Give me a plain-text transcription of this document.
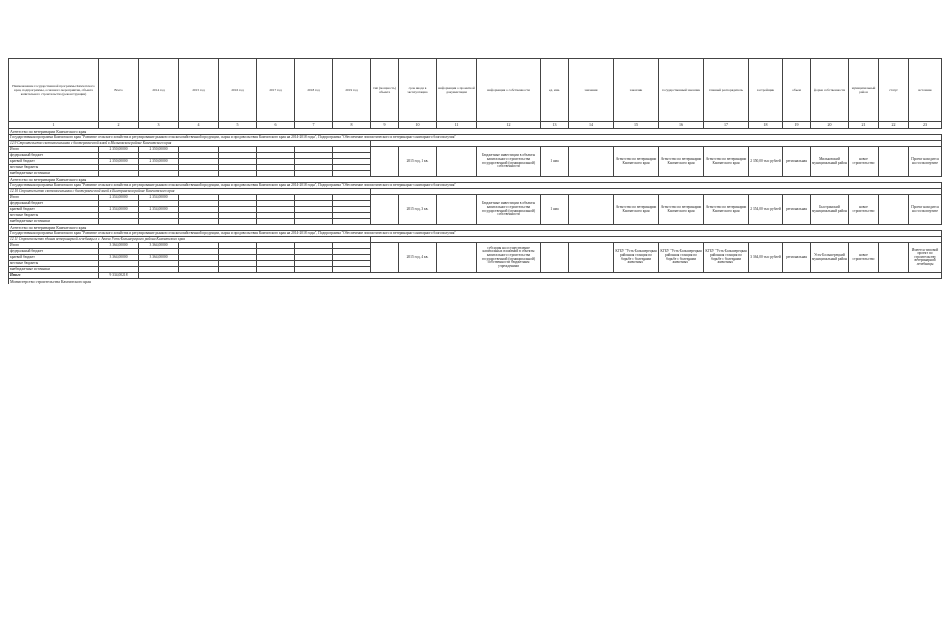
Наименование государственной программы Камчатского края, подпрограммы, основного мероприятия, объекта капитального строительства (реконструкции)	Всего	2014 год	2015 год	2016 год	2017 год	2018 год	2019 год	тип (мощность) объекта	срок ввода в эксплуатацию	информация о проектной документации	информация о собственности	ед. изм.	значения	заказчик	государственный заказчик	главный распорядитель	застройщик	объем	форма собственности	муниципальный район	статус	источник
1	2	3	4	5	6	7	8	9	10	11	12	13	14	15	16	17	18	19	20	21	22	23
Агентство по ветеринарии Камчатского края																						
Государственная программа Камчатского края "Развитие сельского хозяйства и регулирование рынков сельскохозяйственной продукции, сырья и продовольствия Камчатского края на 2014-2018 годы", Подпрограмма "Обеспечение эпизоотического и ветеринарно-санитарного благополучия"																						
12.9 Строительство скотомогильника с биотермической ямой в Мильковском районе Камчатского края																						
Итого	2 350,00000	2 350,00000							2015 год, 1 кв.		Бюджетные инвестиции в объекты капитального строительства государственной (муниципальной) собственности	1 яма		Агентство по ветеринарии Камчатского края	Агентство по ветеринарии Камчатского края	Агентство по ветеринарии Камчатского края	2 350,00 тыс рублей	региональная	Мильковский муниципальный район	новое строительство		Проект находится на госэкспертизе
федеральный бюджет																						
краевой бюджет	2 350,00000	2 350,00000																				
местные бюджеты																						
внебюджетные источники																						
Агентство по ветеринарии Камчатского края																						
Государственная программа Камчатского края "Развитие сельского хозяйства и регулирование рынков сельскохозяйственной продукции, сырья и продовольствия Камчатского края на 2014-2018 годы", Подпрограмма "Обеспечение эпизоотического и ветеринарно-санитарного благополучия"																						
12.10 Строительство скотомогильника с биотермической ямой в Быстринском районе Камчатского края																						
Итого	2 354,00000	2 354,00000							2015 год, 3 кв.		Бюджетные инвестиции в объекты капитального строительства государственной (муниципальной) собственности	1 яма		Агентство по ветеринарии Камчатского края	Агентство по ветеринарии Камчатского края	Агентство по ветеринарии Камчатского края	2 354,00 тыс рублей	региональная	Быстринский муниципальный район	новое строительство		Проект находится на госэкспертизе
федеральный бюджет																						
краевой бюджет	2 354,00000	2 354,00000																				
местные бюджеты																						
внебюджетные источники																						
Агентство по ветеринарии Камчатского края																						
Государственная программа Камчатского края "Развитие сельского хозяйства и регулирование рынков сельскохозяйственной продукции, сырья и продовольствия Камчатского края на 2014-2018 годы", Подпрограмма "Обеспечение эпизоотического и ветеринарно-санитарного благополучия"																						
12.11 Строительство здания ветеринарной лечебницы в с. Апача Усть-Большерецкого района Камчатского края																						
Итого	3 364,00000	3 364,00000							2015 год, 4 кв.		субсидия на осуществление капитальных вложений в объекты капитального строительства государственной (муниципальной) собственности бюджетным учреждениям			КГБУ "Усть-Большерецкая районная станция по борьбе с болезнями животных"	КГБУ "Усть-Большерецкая районная станция по борьбе с болезнями животных"	КГБУ "Усть-Большерецкая районная станция по борьбе с болезнями животных"	3 364,00 тыс рублей	региональная	Усть-Большерецкий муниципальный район	новое строительство		Имеется типовой проект по строительству ветеринарной лечебницы
федеральный бюджет																						
краевой бюджет	3 364,00000	3 364,00000																				
местные бюджеты																						
внебюджетные источники																						
Итого	9 334,00218																					
Министерство строительства Камчатского края																						
